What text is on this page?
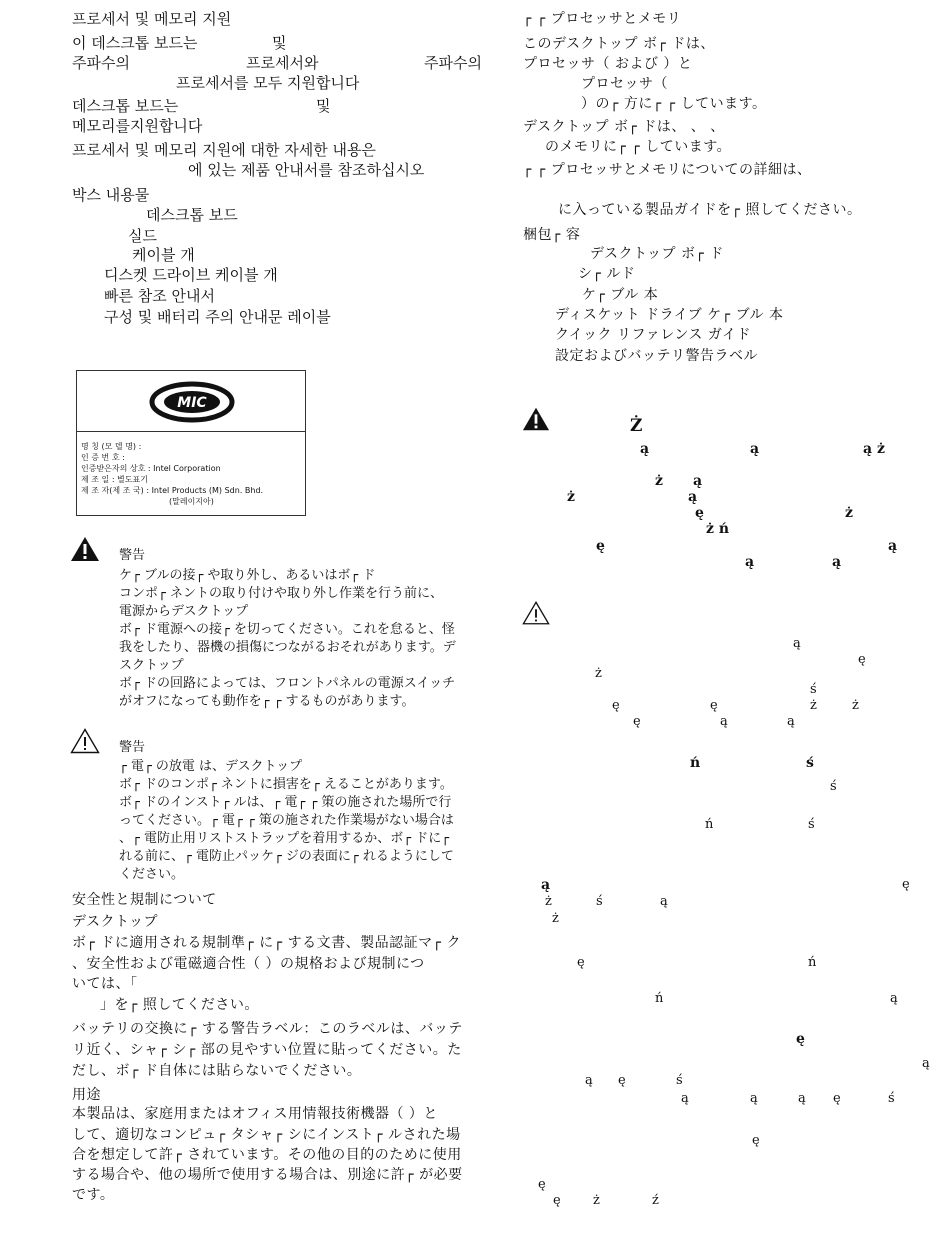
프로세서 및 메모리 지원
이 데스크톱 보드는	및
주파수의	프로세서와	주파수의
프로세서를 모두 지원합니다
데스크톱 보드는	및
메모리를지원합니다
프로세서 및 메모리 지원에 대한 자세한 내용은
에 있는 제품 안내서를 참조하십시오
박스 내용물
데스크톱 보드
실드
케이블 개
디스켓 드라이브 케이블 개
빠른 참조 안내서
구성 및 배터리 주의 안내문 레이블
MIC
명 칭 (모 델 명) :
인 증 번 호 :
인증받은자의 상호 : Intel Corporation
제 조 일 : 별도표기
제 조 자(제 조 국) : Intel Products (M) Sdn. Bhd.
(말레이지아)
警告
ケ┌ ブルの接┌ や取り外し、あるいはボ┌ ド
コンポ┌ ネントの取り付けや取り外し作業を行う前に、
電源からデスクトップ
ボ┌ ド電源への接┌ を切ってください。これを怠ると、怪
我をしたり、器機の損傷につながるおそれがあります。デ
スクトップ
ボ┌ ドの回路によっては、フロントパネルの電源スイッチ
がオフになっても動作を┌ ┌ するものがあります。
警告
┌ 電┌ の放電 は、デスクトップ
ボ┌ ドのコンポ┌ ネントに損害を┌ えることがあります。
ボ┌ ドのインスト┌ ルは、┌ 電┌ ┌ 策の施された場所で行
ってください。┌ 電┌ ┌ 策の施された作業場がない場合は
、┌ 電防止用リストストラップを着用するか、ボ┌ ドに┌
れる前に、┌ 電防止パッケ┌ ジの表面に┌ れるようにして
ください。
安全性と規制について
デスクトップ
ボ┌ ドに適用される規制準┌ に┌ する文書、製品認証マ┌ ク
、安全性および電磁適合性（ ）の規格および規制につ
いては、「
」を┌ 照してください。
バッテリの交換に┌ する警告ラベル：このラベルは、バッテ
リ近く、シャ┌ シ┌ 部の見やすい位置に貼ってください。た
だし、ボ┌ ド自体には貼らないでください。
用途
本製品は、家庭用またはオフィス用情報技術機器（ ）と
して、適切なコンピュ┌ タシャ┌ シにインスト┌ ルされた場
合を想定して許┌ されています。その他の目的のために使用
する場合や、他の場所で使用する場合は、別途に許┌ が必要
です。
┌ ┌ プロセッサとメモリ
このデスクトップ ボ┌ ドは、
プロセッサ（ および ）と
プロセッサ（
）の┌ 方に┌ ┌ しています。
デスクトップ ボ┌ ドは、 、 、
のメモリに┌ ┌ しています。
┌ ┌ プロセッサとメモリについての詳細は、
に入っている製品ガイドを┌ 照してください。
梱包┌ 容
デスクトップ ボ┌ ド
シ┌ ルド
ケ┌ ブル 本
ディスケット ドライブ ケ┌ ブル 本
クイック リファレンス ガイド
設定およびバッテリ警告ラベル
Ż
ą	ą	ą ż
ż ą
ż	ą
ę	ż
ż ń
ę	ą
ą	ą
ą
ę
ż
ś
ę	ę	ż	ż
ę	ą	ą
ń	ś
ś
ń	ś
ą	ę
ż	ś	ą
ż
ę	ń
ń	ą
ę
ą
ą ę	ś
ą	ą	ą ę	ś
ę
ę
ę ż	ź
